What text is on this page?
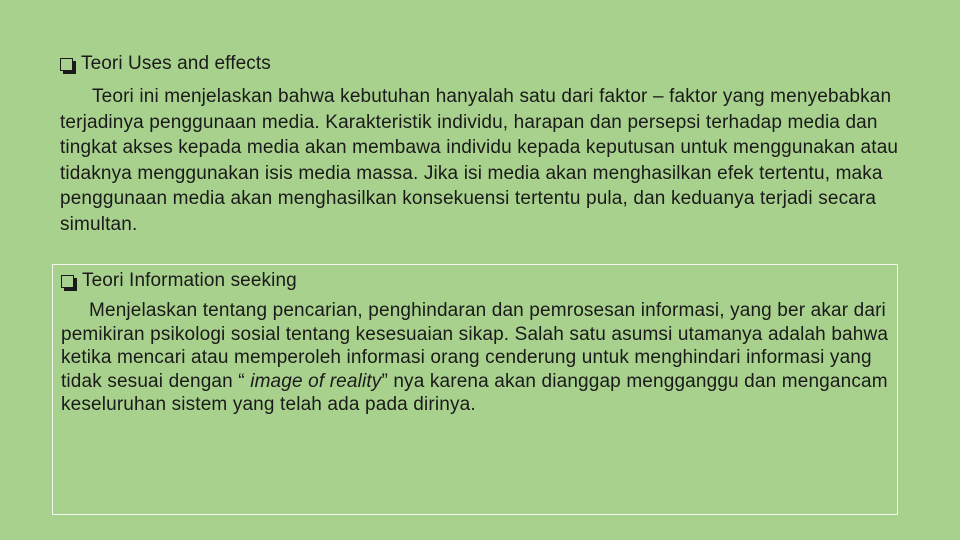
Teori Uses and effects

Teori ini menjelaskan bahwa kebutuhan hanyalah satu dari faktor – faktor yang menyebabkan terjadinya penggunaan media. Karakteristik individu, harapan dan persepsi terhadap media dan tingkat akses kepada media akan membawa individu kepada keputusan untuk menggunakan atau tidaknya menggunakan isis media massa. Jika isi media akan menghasilkan efek tertentu, maka penggunaan media akan menghasilkan konsekuensi tertentu pula, dan keduanya terjadi secara simultan.

Teori Information seeking

Menjelaskan tentang pencarian, penghindaran dan pemrosesan informasi, yang ber akar dari pemikiran psikologi sosial tentang kesesuaian sikap. Salah satu asumsi utamanya adalah bahwa ketika mencari atau memperoleh informasi orang cenderung untuk menghindari informasi yang tidak sesuai dengan “ image of reality” nya karena akan dianggap mengganggu dan mengancam keseluruhan sistem yang telah ada pada dirinya.
